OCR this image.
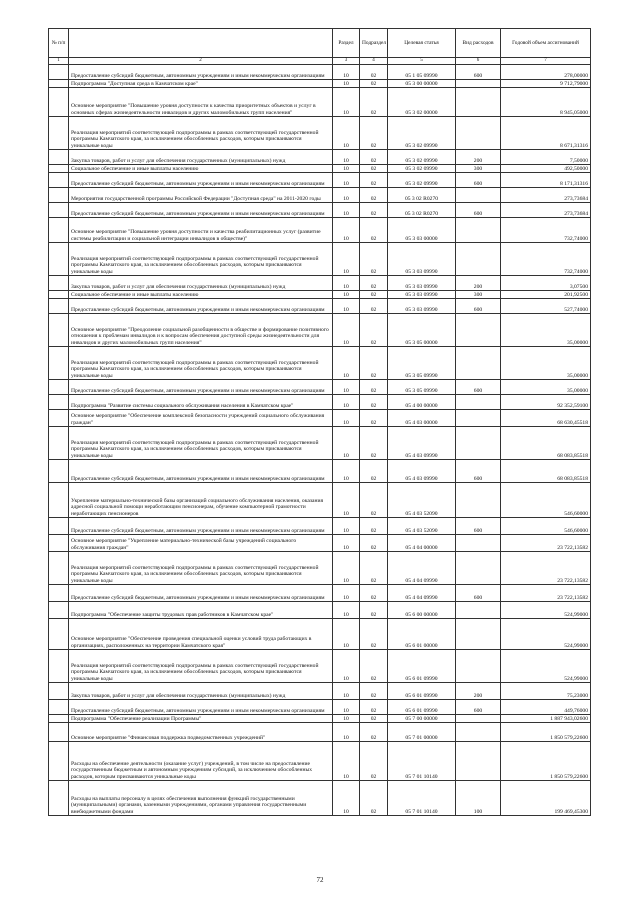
№ п/п		Раздел	Подраздел	Целевая статья	Вид расходов	Годовой объем ассигнований
1	2	3	4	5	6	7
	Предоставление субсидий бюджетным, автономным учреждениям и иным некоммерческим организациям	10	02	05 1 05 09990	600	278,00000
	Подпрограмма "Доступная среда в Камчатском крае"	10	02	05 3 00 00000		9 712,79000
	Основное мероприятие "Повышение уровня доступности к качества приоритетных объектов и услуг в основных сферах жизнедеятельности инвалидов и других маломобильных групп населения"	10	02	05 3 02 00000		8 945,05000
	Реализация мероприятий соответствующей подпрограммы в рамках соответствующей государственной программы Камчатского края, за исключением обособленных расходов, которым присваиваются уникальные коды	10	02	05 3 02 09990		8 671,31316
	Закупка товаров, работ и услуг для обеспечения государственных (муниципальных) нужд	10	02	05 3 02 09990	200	7,50000
	Социальное обеспечение и иные выплаты населению	10	02	05 3 02 09990	300	492,50000
	Предоставление субсидий бюджетным, автономным учреждениям и иным некоммерческим организациям	10	02	05 3 02 09990	600	8 171,31316
	Мероприятия государственной программы Российской Федерации "Доступная среда" на 2011-2020 годы	10	02	05 3 02 R0270		273,73684
	Предоставление субсидий бюджетным, автономным учреждениям и иным некоммерческим организациям	10	02	05 3 02 R0270	600	273,73684
	Основное мероприятие "Повышение уровня доступности и качества реабилитационных услуг (развитие системы реабилитации и социальной интеграции инвалидов в обществе)"	10	02	05 3 03 00000		732,74000
	Реализация мероприятий соответствующей подпрограммы в рамках соответствующей государственной программы Камчатского края, за исключением обособленных расходов, которым присваиваются уникальные коды	10	02	05 3 03 09990		732,74000
	Закупка товаров, работ и услуг для обеспечения государственных (муниципальных) нужд	10	02	05 3 03 09990	200	3,07500
	Социальное обеспечение и иные выплаты населению	10	02	05 3 03 09990	300	201,92500
	Предоставление субсидий бюджетным, автономным учреждениям и иным некоммерческим организациям	10	02	05 3 03 09990	600	527,74000
	Основное мероприятие "Преодоление социальной разобщенности в обществе и формирование позитивного отношения к проблемам инвалидов и к вопросам обеспечения доступной среды жизнедеятельности для инвалидов и других маломобильных групп населения"	10	02	05 3 05 00000		35,00000
	Реализация мероприятий соответствующей подпрограммы в рамках соответствующей государственной программы Камчатского края, за исключением обособленных расходов, которым присваиваются уникальные коды	10	02	05 3 05 09990		35,00000
	Предоставление субсидий бюджетным, автономным учреждениям и иным некоммерческим организациям	10	02	05 3 05 09990	600	35,00000
	Подпрограмма "Развитие системы социального обслуживания населения в Камчатском крае"	10	02	05 4 00 00000		92 352,59100
	Основное мероприятие "Обеспечение комплексной безопасности учреждений социального обслуживания граждан"	10	02	05 4 03 00000		68 630,45518
	Реализация мероприятий соответствующей подпрограммы в рамках соответствующей государственной программы Камчатского края, за исключением обособленных расходов, которым присваиваются уникальные коды	10	02	05 4 03 09990		68 083,85518
	Предоставление субсидий бюджетным, автономным учреждениям и иным некоммерческим организациям	10	02	05 4 03 09990	600	68 083,85518
	Укрепление материально-технической базы организаций социального обслуживания населения, оказания адресной социальной помощи неработающим пенсионерам, обучение компьютерной грамотности неработающих пенсионеров	10	02	05 4 03 52090		546,60000
	Предоставление субсидий бюджетным, автономным учреждениям и иным некоммерческим организациям	10	02	05 4 03 52090	600	546,60000
	Основное мероприятие "Укрепление материально-технической базы учреждений социального обслуживания граждан"	10	02	05 4 04 00000		23 722,13582
	Реализация мероприятий соответствующей подпрограммы в рамках соответствующей государственной программы Камчатского края, за исключением обособленных расходов, которым присваиваются уникальные коды	10	02	05 4 04 09990		23 722,13582
	Предоставление субсидий бюджетным, автономным учреждениям и иным некоммерческим организациям	10	02	05 4 04 09990	600	23 722,13582
	Подпрограмма "Обеспечение защиты трудовых прав работников в Камчатском крае"	10	02	05 6 00 00000		524,99000
	Основное мероприятие "Обеспечение проведения специальной оценки условий труда работающих в организациях, расположенных на территории Камчатского края"	10	02	05 6 01 00000		524,99000
	Реализация мероприятий соответствующей подпрограммы в рамках соответствующей государственной программы Камчатского края, за исключением обособленных расходов, которым присваиваются уникальные коды	10	02	05 6 01 09990		524,99000
	Закупка товаров, работ и услуг для обеспечения государственных (муниципальных) нужд	10	02	05 6 01 09990	200	75,23000
	Предоставление субсидий бюджетным, автономным учреждениям и иным некоммерческим организациям	10	02	05 6 01 09990	600	449,76000
	Подпрограмма "Обеспечение реализации Программы"	10	02	05 7 00 00000		1 887 943,02600
	Основное мероприятие "Финансовая поддержка подведомственных учреждений"	10	02	05 7 01 00000		1 850 579,22600
	Расходы на обеспечение деятельности (оказание услуг) учреждений, в том числе на предоставление государственным бюджетным и автономным учреждениям субсидий, за исключением обособленных расходов, которым присваиваются уникальные коды	10	02	05 7 01 10140		1 850 579,22600
	Расходы на выплаты персоналу в целях обеспечения выполнения функций государственными (муниципальными) органами, казенными учреждениями, органами управления государственными внебюджетными фондами	10	02	05 7 01 10140	100	199 469,45300
72
